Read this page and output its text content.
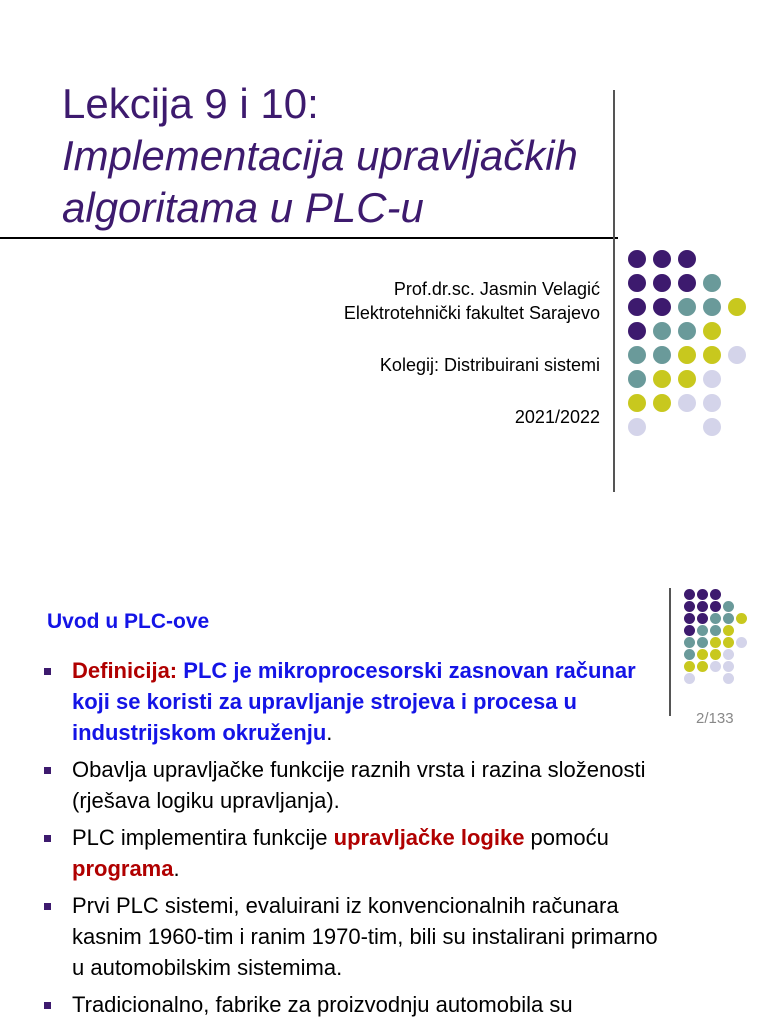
Lekcija 9 i 10:
Implementacija upravljačkih
algoritama u PLC-u
Prof.dr.sc. Jasmin Velagić
Elektrotehnički fakultet Sarajevo
Kolegij: Distribuirani sistemi
2021/2022
2/133
Uvod u PLC-ove
Definicija: PLC je mikroprocesorski zasnovan računar koji se koristi za upravljanje strojeva i procesa u industrijskom okruženju.
Obavlja upravljačke funkcije raznih vrsta i razina složenosti (rješava logiku upravljanja).
PLC implementira funkcije upravljačke logike pomoću programa.
Prvi PLC sistemi, evaluirani iz konvencionalnih računara kasnim 1960-tim i ranim 1970-tim, bili su instalirani primarno u automobilskim sistemima.
Tradicionalno, fabrike za proizvodnju automobila su
